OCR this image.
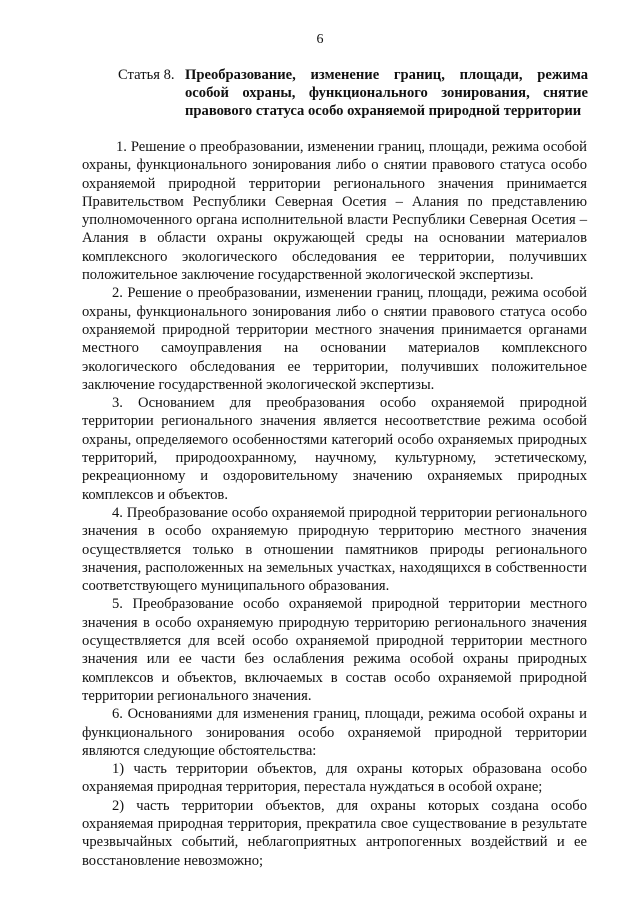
6
Статья 8. Преобразование, изменение границ, площади, режима особой охраны, функционального зонирования, снятие правового статуса особо охраняемой природной территории

1. Решение о преобразовании, изменении границ, площади, режима особой охраны, функционального зонирования либо о снятии правового статуса особо охраняемой природной территории регионального значения принимается Правительством Республики Северная Осетия – Алания по представлению уполномоченного органа исполнительной власти Республики Северная Осетия – Алания в области охраны окружающей среды на основании материалов комплексного экологического обследования ее территории, получивших положительное заключение государственной экологической экспертизы.

2. Решение о преобразовании, изменении границ, площади, режима особой охраны, функционального зонирования либо о снятии правового статуса особо охраняемой природной территории местного значения принимается органами местного самоуправления на основании материалов комплексного экологического обследования ее территории, получивших положительное заключение государственной экологической экспертизы.

3. Основанием для преобразования особо охраняемой природной территории регионального значения является несоответствие режима особой охраны, определяемого особенностями категорий особо охраняемых природных территорий, природоохранному, научному, культурному, эстетическому, рекреационному и оздоровительному значению охраняемых природных комплексов и объектов.

4. Преобразование особо охраняемой природной территории регионального значения в особо охраняемую природную территорию местного значения осуществляется только в отношении памятников природы регионального значения, расположенных на земельных участках, находящихся в собственности соответствующего муниципального образования.

5. Преобразование особо охраняемой природной территории местного значения в особо охраняемую природную территорию регионального значения осуществляется для всей особо охраняемой природной территории местного значения или ее части без ослабления режима особой охраны природных комплексов и объектов, включаемых в состав особо охраняемой природной территории регионального значения.

6. Основаниями для изменения границ, площади, режима особой охраны и функционального зонирования особо охраняемой природной территории являются следующие обстоятельства:

1) часть территории объектов, для охраны которых образована особо охраняемая природная территория, перестала нуждаться в особой охране;

2) часть территории объектов, для охраны которых создана особо охраняемая природная территория, прекратила свое существование в результате чрезвычайных событий, неблагоприятных антропогенных воздействий и ее восстановление невозможно;
